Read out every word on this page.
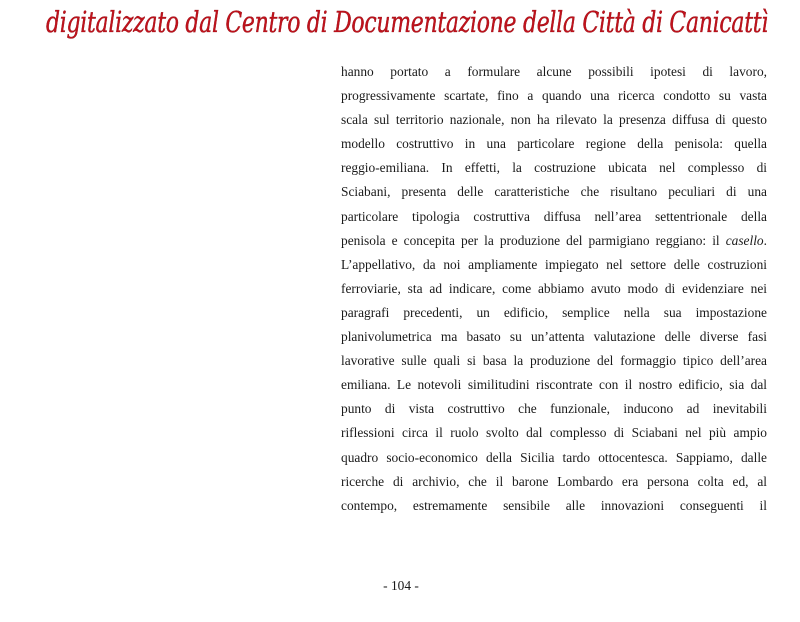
digitalizzato dal Centro di Documentazione della Città di Canicattì
hanno portato a formulare alcune possibili ipotesi di lavoro,
progressivamente scartate, fino a quando una ricerca condotto su vasta
scala sul territorio nazionale, non ha rilevato la presenza diffusa di questo
modello costruttivo in una particolare regione della penisola: quella
reggio-emiliana. In effetti, la costruzione ubicata nel complesso di
Sciabani, presenta delle caratteristiche che risultano peculiari di una
particolare tipologia costruttiva diffusa nell’area settentrionale della
penisola e concepita per la produzione del parmigiano reggiano: il casello.
L’appellativo, da noi ampliamente impiegato nel settore delle costruzioni
ferroviarie, sta ad indicare, come abbiamo avuto modo di evidenziare nei
paragrafi precedenti, un edificio, semplice nella sua impostazione
planivolumetrica ma basato su un’attenta valutazione delle diverse fasi
lavorative sulle quali si basa la produzione del formaggio tipico dell’area
emiliana. Le notevoli similitudini riscontrate con il nostro edificio, sia dal
punto di vista costruttivo che funzionale, inducono ad inevitabili
riflessioni circa il ruolo svolto dal complesso di Sciabani nel più ampio
quadro socio-economico della Sicilia tardo ottocentesca. Sappiamo, dalle
ricerche di archivio, che il barone Lombardo era persona colta ed, al
contempo, estremamente sensibile alle innovazioni conseguenti il
- 104 -
